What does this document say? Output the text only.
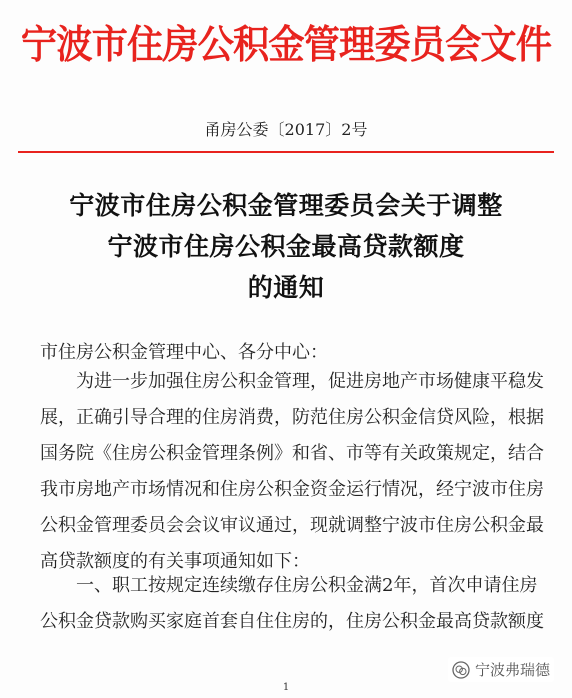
宁波市住房公积金管理委员会文件
甬房公委〔2017〕2号
宁波市住房公积金管理委员会关于调整
宁波市住房公积金最高贷款额度
的通知
市住房公积金管理中心、各分中心：
　　为进一步加强住房公积金管理，促进房地产市场健康平稳发
展，正确引导合理的住房消费，防范住房公积金信贷风险，根据
国务院《住房公积金管理条例》和省、市等有关政策规定，结合
我市房地产市场情况和住房公积金资金运行情况，经宁波市住房
公积金管理委员会会议审议通过，现就调整宁波市住房公积金最
高贷款额度的有关事项通知如下：
　　一、职工按规定连续缴存住房公积金满2年，首次申请住房
公积金贷款购买家庭首套自住住房的，住房公积金最高贷款额度
1
宁波弗瑞德
